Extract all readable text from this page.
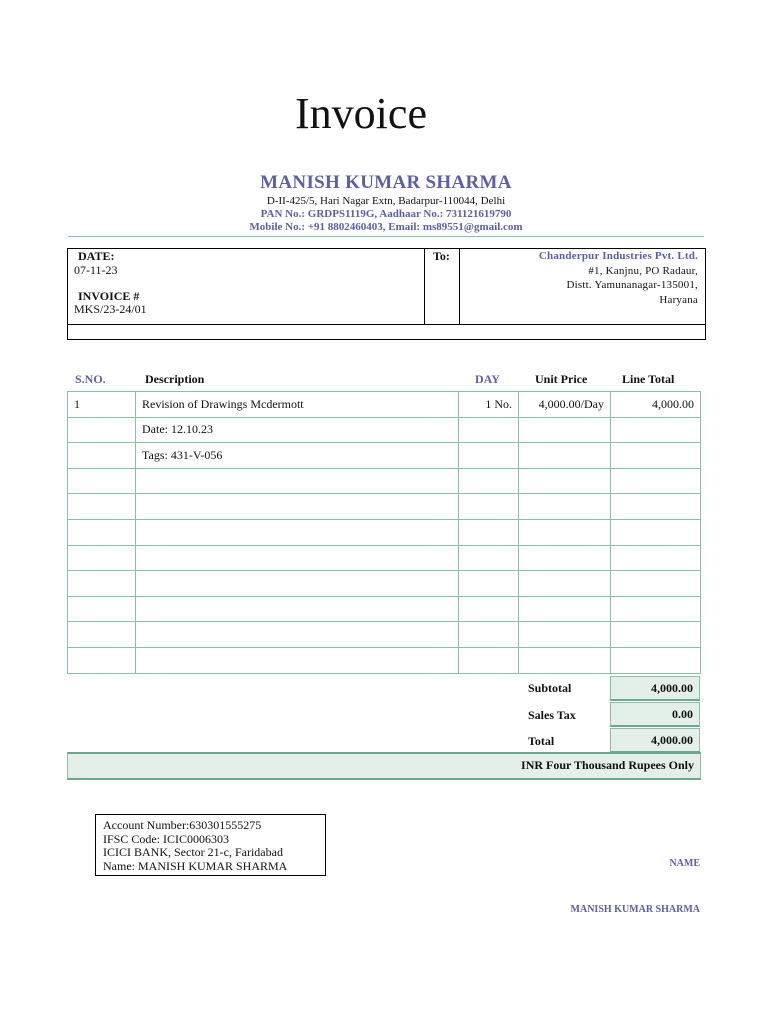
Invoice
MANISH KUMAR SHARMA
D-II-425/5, Hari Nagar Extn, Badarpur-110044, Delhi
PAN No.: GRDPS1119G, Aadhaar No.: 731121619790
Mobile No.: +91 8802460403, Email: ms89551@gmail.com
DATE:
07-11-23
INVOICE #
MKS/23-24/01
To:	Chanderpur Industries Pvt. Ltd.
#1, Kanjnu, PO Radaur,
Distt. Yamunanagar-135001,
Haryana
S.NO.	Description	DAY	Unit Price	Line Total
1	Revision of Drawings Mcdermott	1 No.	4,000.00/Day	4,000.00
	Date: 12.10.23			
	Tags: 431-V-056			

Subtotal	4,000.00
Sales Tax	0.00
Total	4,000.00
INR Four Thousand Rupees Only
Account Number:630301555275
IFSC Code: ICIC0006303
ICICI BANK, Sector 21-c, Faridabad
Name: MANISH KUMAR SHARMA	NAME
MANISH KUMAR SHARMA
